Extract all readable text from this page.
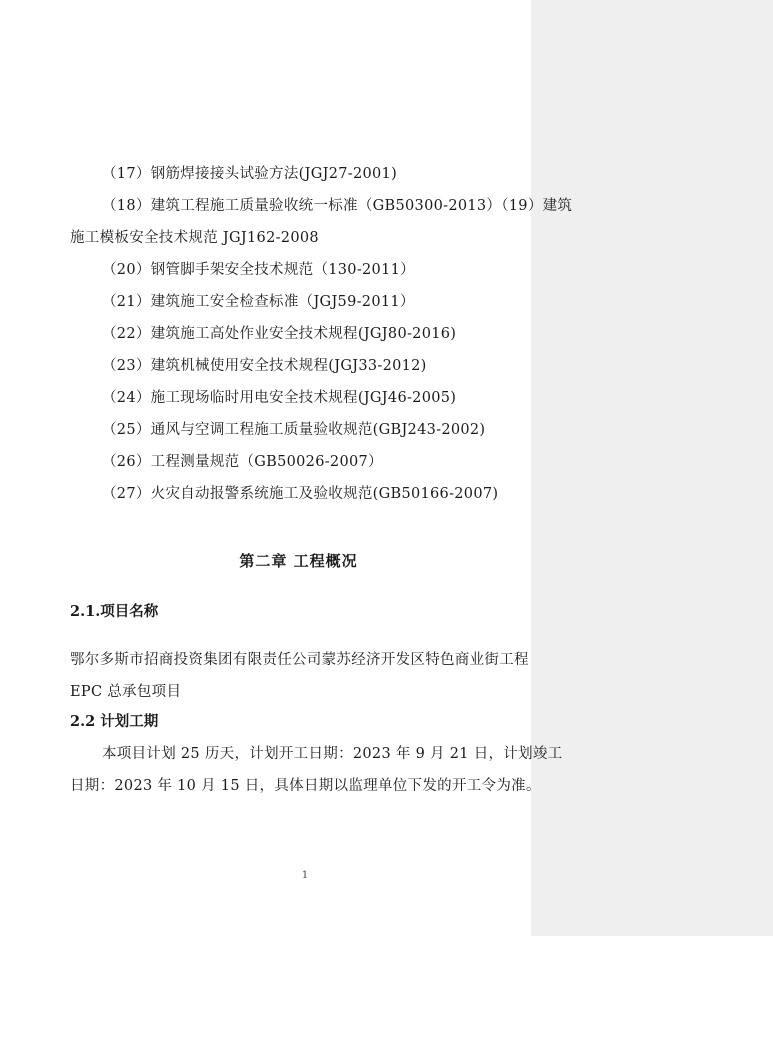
（17）钢筋焊接接头试验方法(JGJ27-2001)
（18）建筑工程施工质量验收统一标准（GB50300-2013）（19）建筑
施工模板安全技术规范 JGJ162-2008
（20）钢管脚手架安全技术规范（130-2011）
（21）建筑施工安全检查标准（JGJ59-2011）
（22）建筑施工高处作业安全技术规程(JGJ80-2016)
（23）建筑机械使用安全技术规程(JGJ33-2012)
（24）施工现场临时用电安全技术规程(JGJ46-2005)
（25）通风与空调工程施工质量验收规范(GBJ243-2002)
（26）工程测量规范（GB50026-2007）
（27）火灾自动报警系统施工及验收规范(GB50166-2007)
第二章 工程概况
2.1.项目名称
鄂尔多斯市招商投资集团有限责任公司蒙苏经济开发区特色商业街工程
EPC 总承包项目
2.2 计划工期
本项目计划 25 历天，计划开工日期：2023 年 9 月 21 日，计划竣工
日期：2023 年 10 月 15 日，具体日期以监理单位下发的开工令为准。
1
